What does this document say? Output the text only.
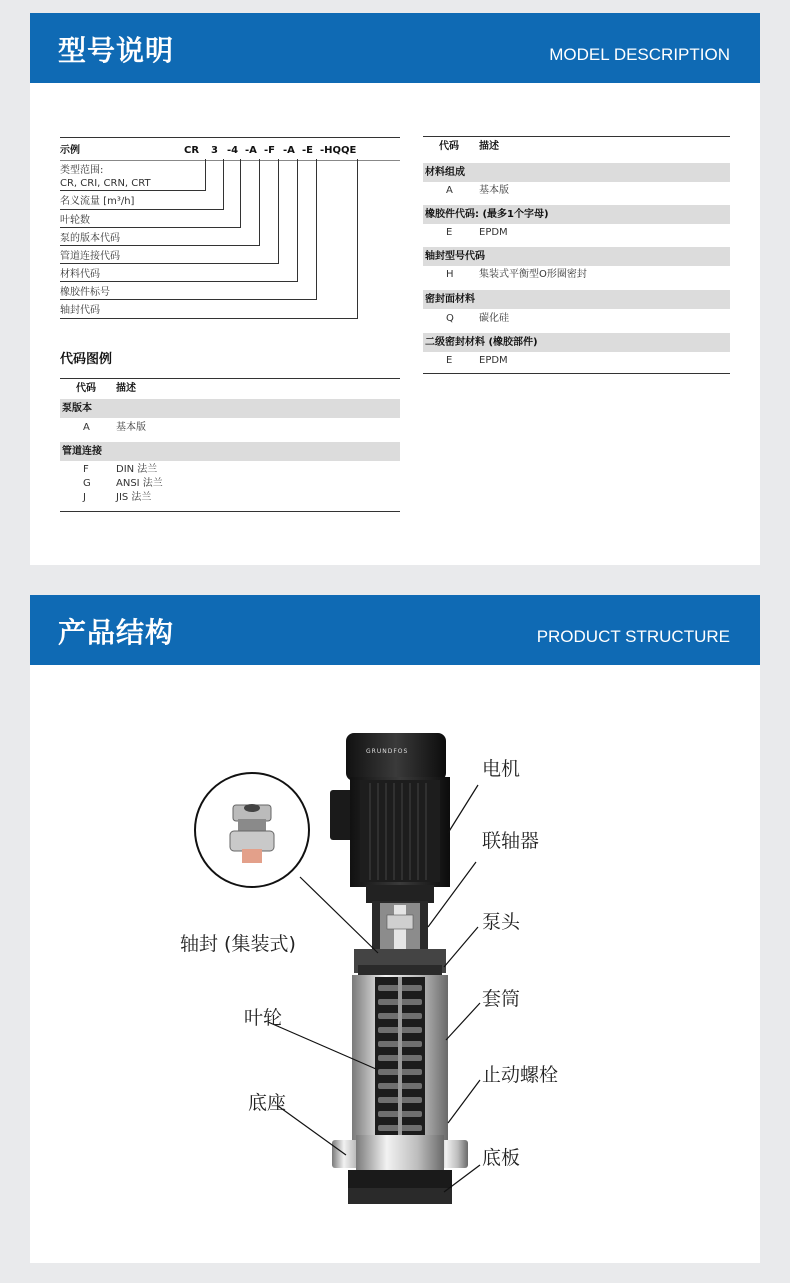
型号说明	MODEL DESCRIPTION
示例	CR 3 -4 -A -F -A -E -HQQE
类型范围:
CR, CRI, CRN, CRT
名义流量 [m³/h]
叶轮数
泵的版本代码
管道连接代码
材料代码
橡胶件标号
轴封代码
代码图例
代码 描述
泵版本
A	基本版
管道连接
F	DIN 法兰
G	ANSI 法兰
J	JIS 法兰
代码 描述
材料组成
A	基本版
橡胶件代码: (最多1个字母)
E	EPDM
轴封型号代码
H	集装式平衡型O形圈密封
密封面材料
Q	碳化硅
二级密封材料 (橡胶部件)
E	EPDM
产品结构	PRODUCT STRUCTURE
GRUNDFOS
电机
联轴器
泵头
套筒
止动螺栓
底板
轴封 (集装式)
叶轮
底座
